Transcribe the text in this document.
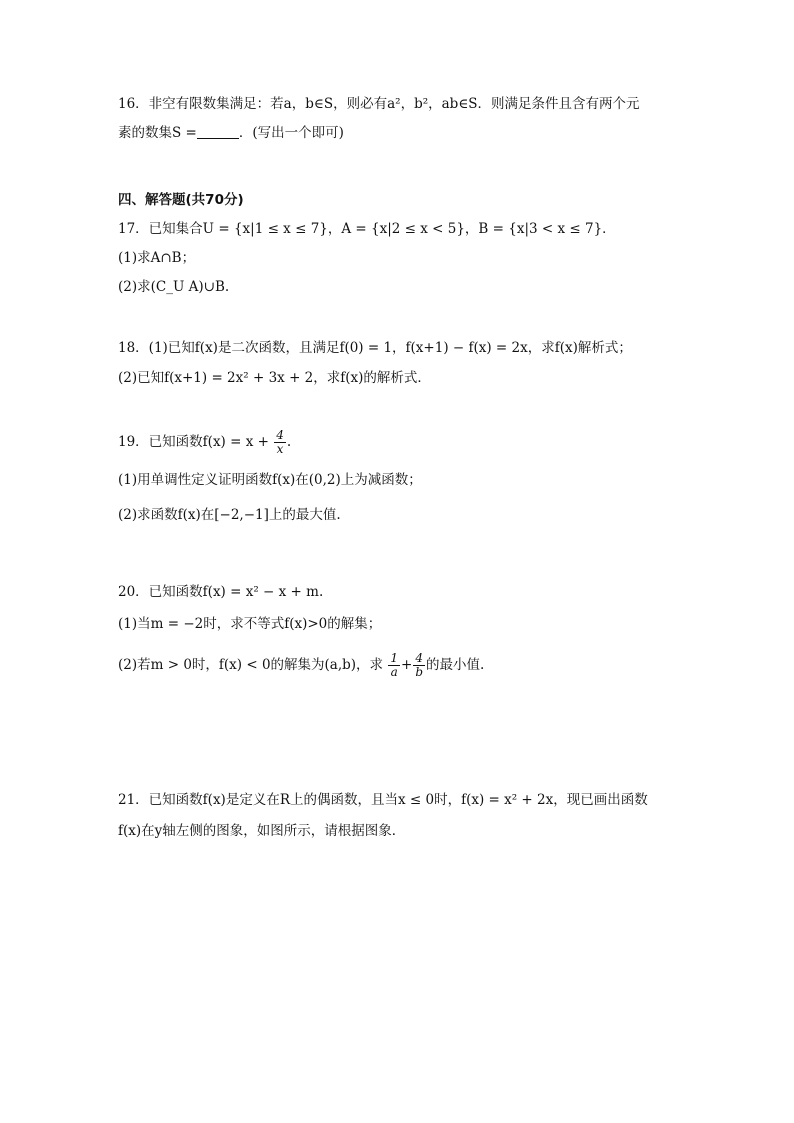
16．非空有限数集满足：若a，b∈S，则必有a²，b²，ab∈S．则满足条件且含有两个元
素的数集S =	．(写出一个即可)
四、解答题(共70分)
17．已知集合U = {x|1 ≤ x ≤ 7}，A = {x|2 ≤ x < 5}，B = {x|3 < x ≤ 7}．
(1)求A∩B；
(2)求(C_U A)∪B.
18．(1)已知f(x)是二次函数，且满足f(0) = 1，f(x+1) − f(x) = 2x，求f(x)解析式；
(2)已知f(x+1) = 2x² + 3x + 2，求f(x)的解析式．
19．已知函数$f(x) = x + \frac{4}{x}$ .
(1)用单调性定义证明函数f(x)在(0,2)上为减函数；
(2)求函数f(x)在[−2,−1]上的最大值.
20．已知函数f(x) = x² − x + m.
(1)当m = −2时，求不等式f(x)>0的解集；
(2)若m > 0时，f(x) < 0的解集为(a,b)，求 $\frac{1}{a} + \frac{4}{b}$ 的最小值.
21．已知函数f(x)是定义在R上的偶函数，且当x ≤ 0时，f(x) = x² + 2x，现已画出函数
f(x)在y轴左侧的图象，如图所示，请根据图象．
